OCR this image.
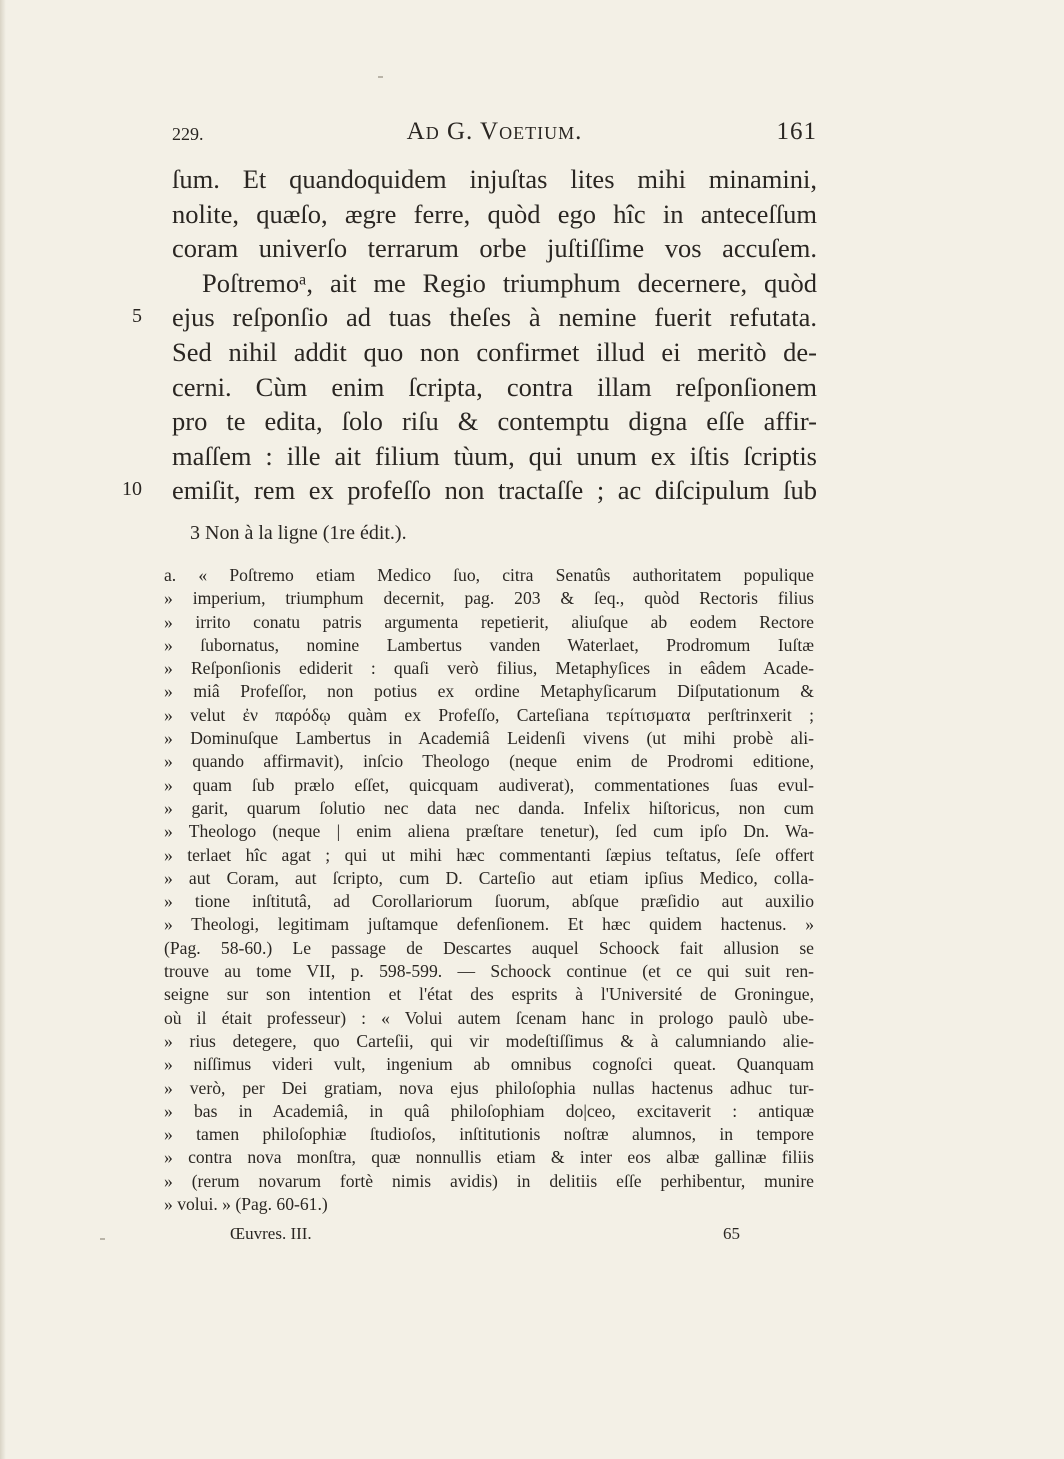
229.	Ad G. Voetium.	161
ſum. Et quandoquidem injuſtas lites mihi minamini,
nolite, quæſo, ægre ferre, quòd ego hîc in anteceſſum
coram univerſo terrarum orbe juſtiſſime vos accuſem.
Poſtremoᵃ, ait me Regio triumphum decernere, quòd
ejus reſponſio ad tuas theſes à nemine fuerit refutata.
Sed nihil addit quo non confirmet illud ei meritò de-
cerni. Cùm enim ſcripta, contra illam reſponſionem
pro te edita, ſolo riſu & contemptu digna eſſe affir-
maſſem : ille ait filium tùum, qui unum ex iſtis ſcriptis
emiſit, rem ex profeſſo non tractaſſe ; ac diſcipulum ſub
5
10
3 Non à la ligne (1re édit.).
a. « Poſtremo etiam Medico ſuo, citra Senatûs authoritatem populique
» imperium, triumphum decernit, pag. 203 & ſeq., quòd Rectoris filius
» irrito conatu patris argumenta repetierit, aliuſque ab eodem Rectore
» ſubornatus, nomine Lambertus vanden Waterlaet, Prodromum Iuſtæ
» Reſponſionis ediderit : quaſi verò filius, Metaphyſices in eâdem Acade-
» miâ Profeſſor, non potius ex ordine Metaphyſicarum Diſputationum &
» velut ἐν παρόδῳ quàm ex Profeſſo, Carteſiana τερίτισματα perſtrinxerit ;
» Dominuſque Lambertus in Academiâ Leidenſi vivens (ut mihi probè ali-
» quando affirmavit), inſcio Theologo (neque enim de Prodromi editione,
» quam ſub prælo eſſet, quicquam audiverat), commentationes ſuas evul-
» garit, quarum ſolutio nec data nec danda. Infelix hiſtoricus, non cum
» Theologo (neque | enim aliena præſtare tenetur), ſed cum ipſo Dn. Wa-
» terlaet hîc agat ; qui ut mihi hæc commentanti ſæpius teſtatus, ſeſe offert
» aut Coram, aut ſcripto, cum D. Carteſio aut etiam ipſius Medico, colla-
» tione inſtitutâ, ad Corollariorum ſuorum, abſque præſidio aut auxilio
» Theologi, legitimam juſtamque defenſionem. Et hæc quidem hactenus. »
(Pag. 58-60.) Le passage de Descartes auquel Schoock fait allusion se
trouve au tome VII, p. 598-599. — Schoock continue (et ce qui suit ren-
seigne sur son intention et l'état des esprits à l'Université de Groningue,
où il était professeur) : « Volui autem ſcenam hanc in prologo paulò ube-
» rius detegere, quo Carteſii, qui vir modeſtiſſimus & à calumniando alie-
» niſſimus videri vult, ingenium ab omnibus cognoſci queat. Quanquam
» verò, per Dei gratiam, nova ejus philoſophia nullas hactenus adhuc tur-
» bas in Academiâ, in quâ philoſophiam do|ceo, excitaverit : antiquæ
» tamen philoſophiæ ſtudioſos, inſtitutionis noſtræ alumnos, in tempore
» contra nova monſtra, quæ nonnullis etiam & inter eos albæ gallinæ filiis
» (rerum novarum fortè nimis avidis) in delitiis eſſe perhibentur, munire
» volui. » (Pag. 60-61.)
Œuvres. III.	65
